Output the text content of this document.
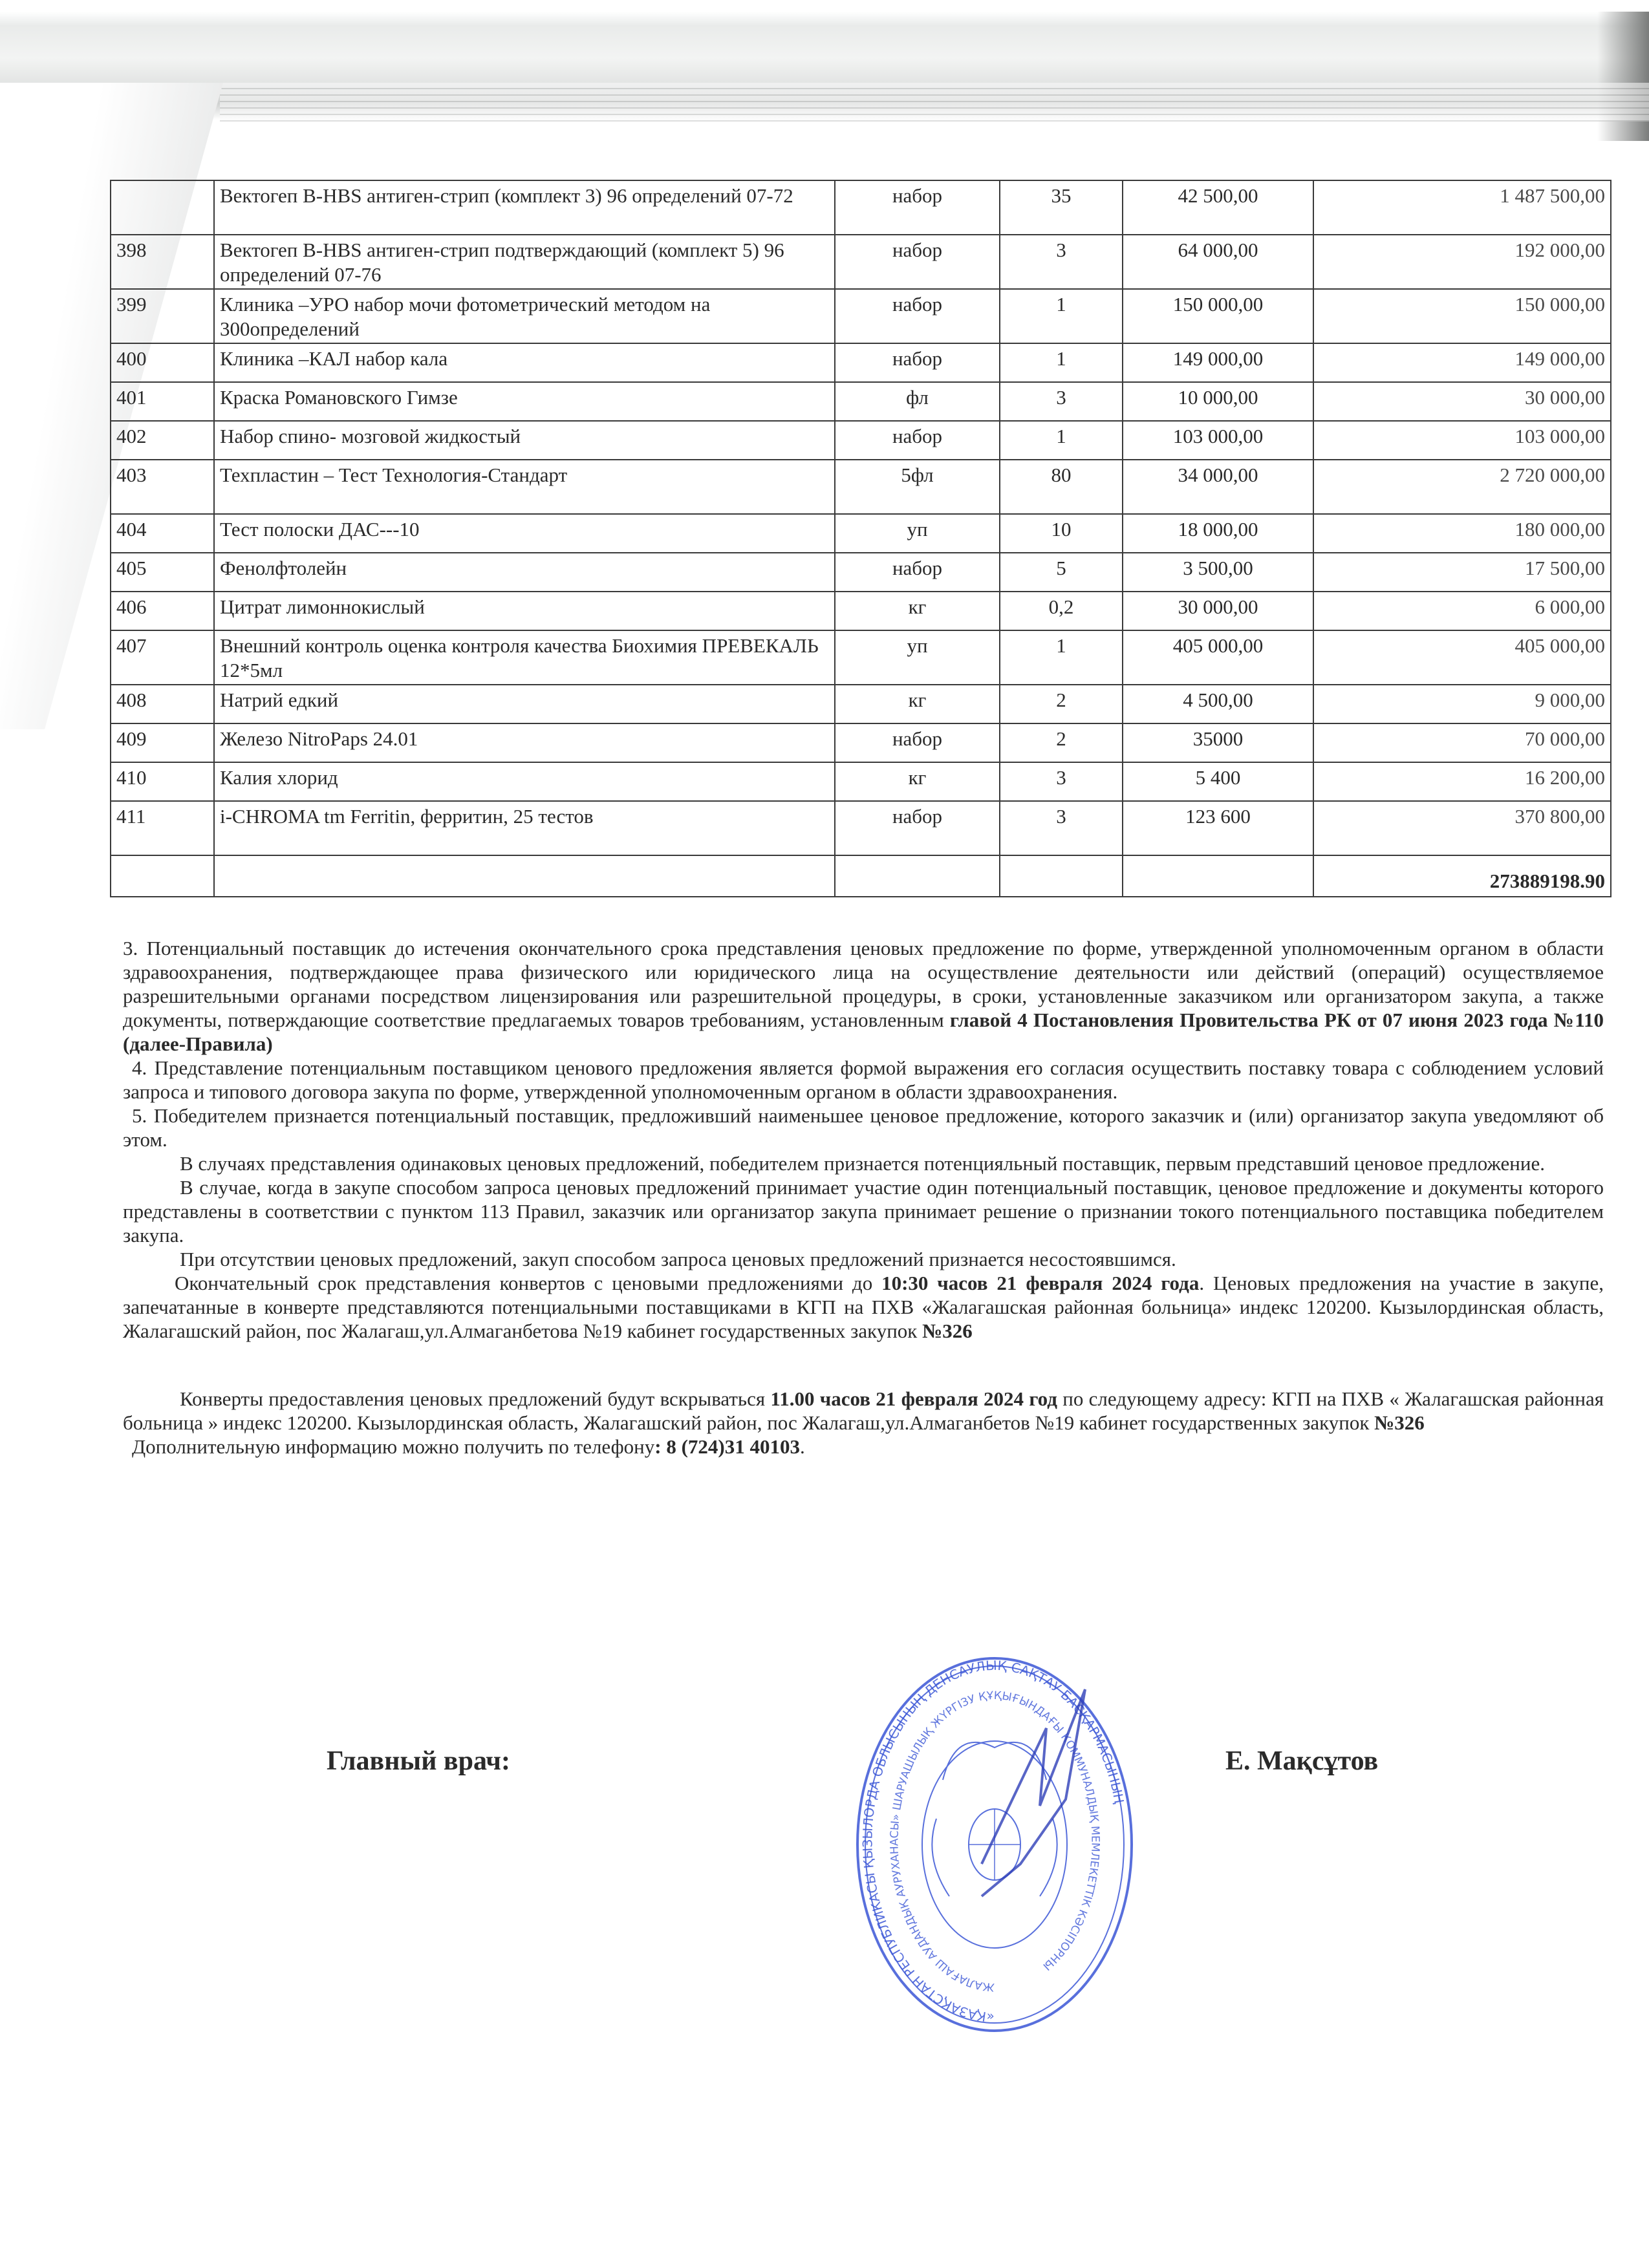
	Вектогеп B-HBS антиген-стрип (комплект 3) 96 определений 07-72	набор	35	42 500,00	1 487 500,00
398	Вектогеп B-HBS антиген-стрип подтверждающий (комплект 5) 96 определений 07-76	набор	3	64 000,00	192 000,00
399	Клиника –УРО набор мочи фотометрический методом на 300определений	набор	1	150 000,00	150 000,00
400	Клиника –КАЛ набор кала	набор	1	149 000,00	149 000,00
401	Краска Романовского Гимзе	фл	3	10 000,00	30 000,00
402	Набор спино- мозговой жидкостый	набор	1	103 000,00	103 000,00
403	Техпластин – Тест Технология-Стандарт	5фл	80	34 000,00	2 720 000,00
404	Тест полоски ДАС---10	уп	10	18 000,00	180 000,00
405	Фенолфтолейн	набор	5	3 500,00	17 500,00
406	Цитрат лимоннокислый	кг	0,2	30 000,00	6 000,00
407	Внешний контроль оценка контроля качества Биохимия ПРЕВЕКАЛЬ 12*5мл	уп	1	405 000,00	405 000,00
408	Натрий едкий	кг	2	4 500,00	9 000,00
409	Железо NitroPaps 24.01	набор	2	35000	70 000,00
410	Калия хлорид	кг	3	5 400	16 200,00
411	i-CHROMA tm Ferritin, ферритин, 25 тестов	набор	3	123 600	370 800,00
					273889198.90

3. Потенциальный поставщик до истечения окончательного срока представления ценовых предложение по форме, утвержденной уполномоченным органом в области здравоохранения, подтверждающее права физического или юридического лица на осуществление деятельности или действий (операций) осуществляемое разрешительными органами посредством лицензирования или разрешительной процедуры, в сроки, установленные заказчиком или организатором закупа, а также документы, потверждающие соответствие предлагаемых товаров требованиям, установленным главой 4 Постановления Провительства РК от 07 июня 2023 года №110 (далее-Правила)

4. Представление потенциальным поставщиком ценового предложения является формой выражения его согласия осуществить поставку товара с соблюдением условий запроса и типового договора закупа по форме, утвержденной уполномоченным органом в области здравоохранения.

5. Победителем признается потенциальный поставщик, предложивший наименьшее ценовое предложение, которого заказчик и (или) организатор закупа уведомляют об этом.

В случаях представления одинаковых ценовых предложений, победителем признается потенцияльный поставщик, первым представший ценовое предложение.

В случае, когда в закупе способом запроса ценовых предложений принимает участие один потенциальный поставщик, ценовое предложение и документы которого представлены в соответствии с пунктом 113 Правил, заказчик или организатор закупа принимает решение о признании токого потенциального поставщика победителем закупа.

При отсутствии ценовых предложений, закуп способом запроса ценовых предложений признается несостоявшимся.

Окончательный срок представления конвертов с ценовыми предложениями до 10:30 часов 21 февраля 2024 года. Ценовых предложения на участие в закупе, запечатанные в конверте представляются потенциальными поставщиками в КГП на ПХВ «Жалагашская районная больница» индекс 120200. Кызылординская область, Жалагашский район, пос Жалагаш,ул.Алмаганбетова №19 кабинет государственных закупок №326

Конверты предоставления ценовых предложений будут вскрываться 11.00 часов 21 февраля 2024 год по следующему адресу: КГП на ПХВ « Жалагашская районная больница » индекс 120200. Кызылординская область, Жалагашский район, пос Жалагаш,ул.Алмаганбетов №19 кабинет государственных закупок №326

Дополнительную информацию можно получить по телефону: 8 (724)31 40103.

Главный врач:	Е. Мақсұтов
«ҚАЗАҚСТАН РЕСПУБЛИКАСЫ ҚЫЗЫЛОРДА ОБЛЫСЫНЫҢ ДЕНСАУЛЫҚ САҚТАУ БАСҚАРМАСЫНЫҢ
ЖАЛАҒАШ АУДАНДЫҚ АУРУХАНАСЫ» ШАРУАШЫЛЫҚ ЖҮРГІЗУ ҚҰҚЫҒЫНДАҒЫ КОММУНАЛДЫҚ МЕМЛЕКЕТТІК КӘСІПОРНЫ
